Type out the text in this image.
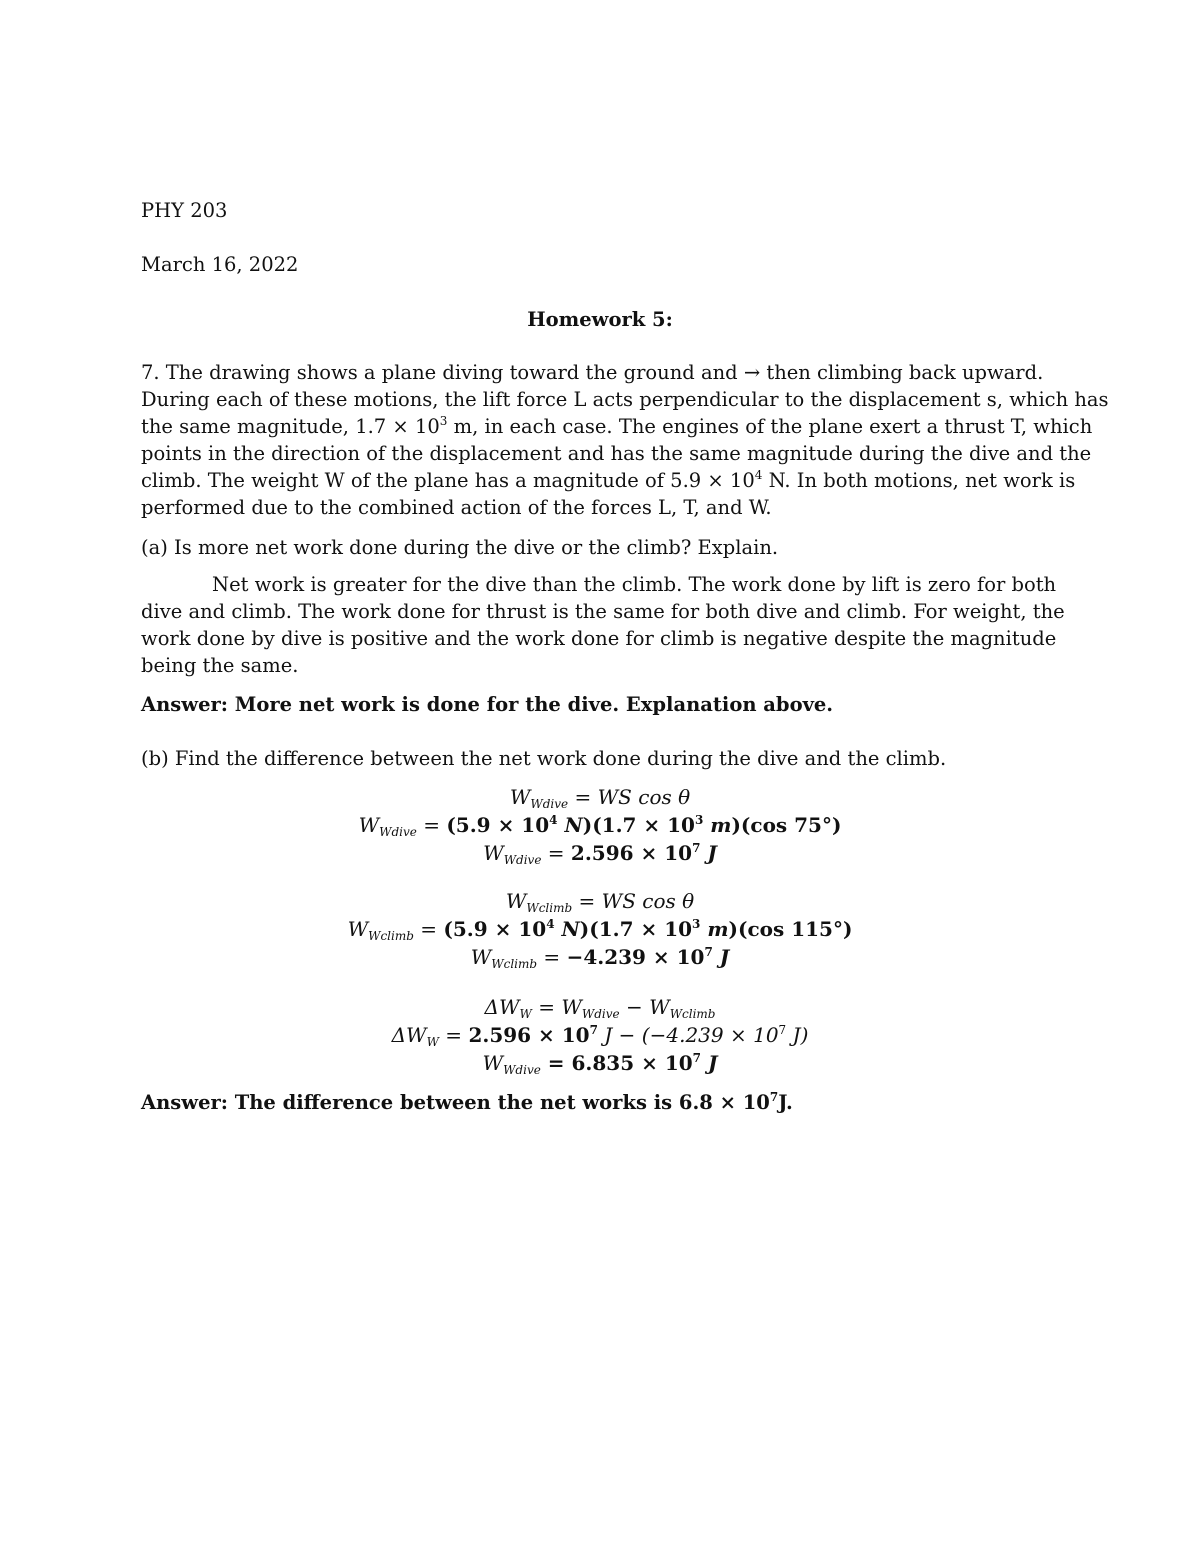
PHY 203

March 16, 2022

Homework 5:

7. The drawing shows a plane diving toward the ground and → then climbing back upward.
During each of these motions, the lift force L acts perpendicular to the displacement s, which has
the same magnitude, $1.7 \times 10^3$ m, in each case. The engines of the plane exert a thrust T, which
points in the direction of the displacement and has the same magnitude during the dive and the
climb. The weight W of the plane has a magnitude of $5.9 \times 10^4$ N. In both motions, net work is
performed due to the combined action of the forces L, T, and W.

(a) Is more net work done during the dive or the climb? Explain.

Net work is greater for the dive than the climb. The work done by lift is zero for both
dive and climb. The work done for thrust is the same for both dive and climb. For weight, the
work done by dive is positive and the work done for climb is negative despite the magnitude
being the same.

Answer: More net work is done for the dive. Explanation above.

(b) Find the difference between the net work done during the dive and the climb.

$W_{Wdive}$ = WS cos θ
$W_{Wdive} = (5.9 \times 10^4$ $N)(1.7 \times 10^3$ m)(cos 75°)
$W_{Wdive} = 2.596 \times 10^7$ J
$W_{Wclimb}$ = WS cos θ
$W_{Wclimb} = (5.9 \times 10^4$ $N)(1.7 \times 10^3$ m)(cos 115°)
$W_{Wclimb} = -4.239 \times 10^7$ J
$\Delta W_W = W_{Wdive} - W_{Wclimb}$
$\Delta W_W = 2.596 \times 10^7$ $J - (-4.239 \times 10^7$ J)
$W_{Wdive} = 6.835 \times 10^7$ J

Answer: The difference between the net works is $6.8 \times 10^7J$.
